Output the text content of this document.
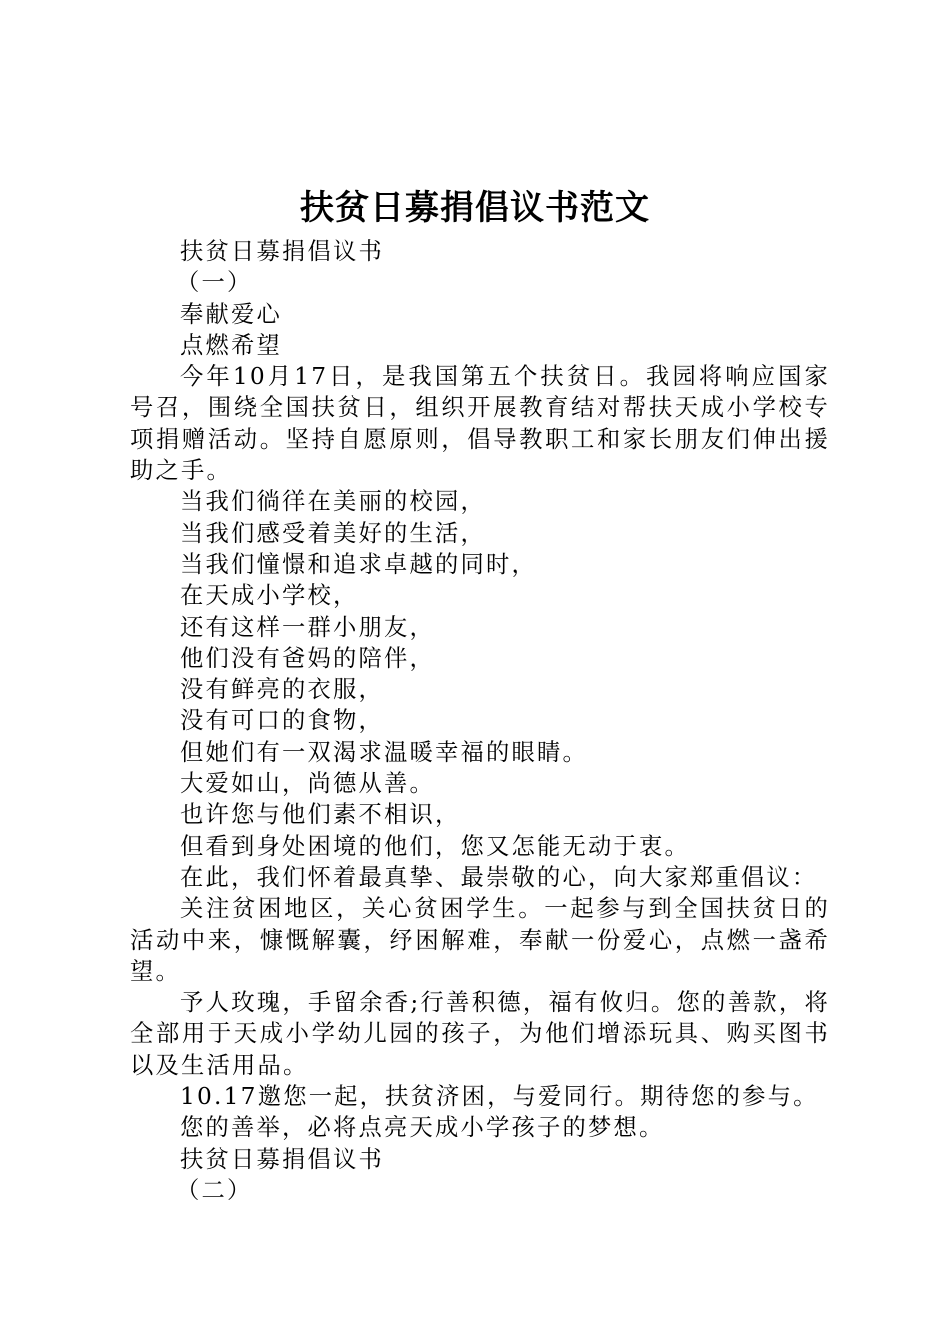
扶贫日募捐倡议书范文

扶贫日募捐倡议书

（一）

奉献爱心

点燃希望

今年10月17日，是我国第五个扶贫日。我园将响应国家号召，围绕全国扶贫日，组织开展教育结对帮扶天成小学校专项捐赠活动。坚持自愿原则，倡导教职工和家长朋友们伸出援助之手。

当我们徜徉在美丽的校园，

当我们感受着美好的生活，

当我们憧憬和追求卓越的同时，

在天成小学校，

还有这样一群小朋友，

他们没有爸妈的陪伴，

没有鲜亮的衣服，

没有可口的食物，

但她们有一双渴求温暖幸福的眼睛。

大爱如山，尚德从善。

也许您与他们素不相识，

但看到身处困境的他们，您又怎能无动于衷。

在此，我们怀着最真挚、最崇敬的心，向大家郑重倡议：

关注贫困地区，关心贫困学生。一起参与到全国扶贫日的活动中来，慷慨解囊，纾困解难，奉献一份爱心，点燃一盏希望。

予人玫瑰，手留余香;行善积德，福有攸归。您的善款，将全部用于天成小学幼儿园的孩子，为他们增添玩具、购买图书以及生活用品。

10.17邀您一起，扶贫济困，与爱同行。期待您的参与。

您的善举，必将点亮天成小学孩子的梦想。

扶贫日募捐倡议书

（二）
